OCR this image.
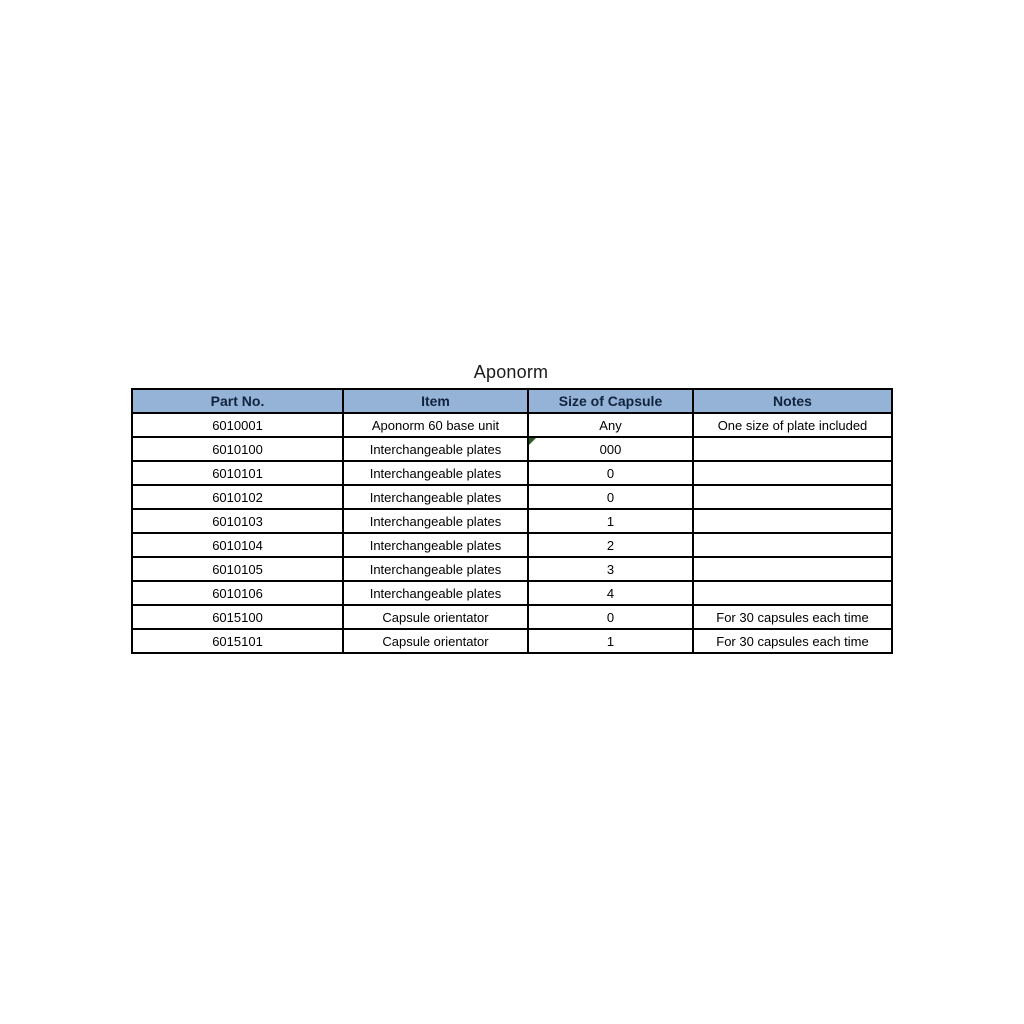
Aponorm
Part No.	Item	Size of Capsule	Notes
6010001	Aponorm 60 base unit	Any	One size of plate included
6010100	Interchangeable plates	000

6010101	Interchangeable plates	0	
6010102	Interchangeable plates	0	
6010103	Interchangeable plates	1	
6010104	Interchangeable plates	2	
6010105	Interchangeable plates	3	
6010106	Interchangeable plates	4	
6015100	Capsule orientator	0	For 30 capsules each time
6015101	Capsule orientator	1	For 30 capsules each time
